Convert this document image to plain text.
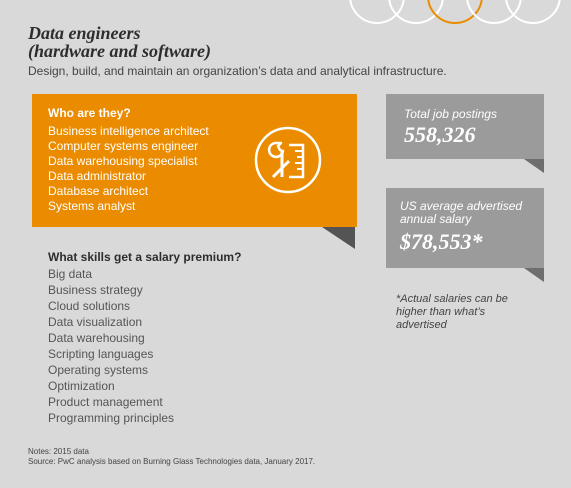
Data engineers
(hardware and software)
Design, build, and maintain an organization’s data and analytical infrastructure.
Who are they?
Business intelligence architect
Computer systems engineer
Data warehousing specialist
Data administrator
Database architect
Systems analyst
What skills get a salary premium?
Big data
Business strategy
Cloud solutions
Data visualization
Data warehousing
Scripting languages
Operating systems
Optimization
Product management
Programming principles
Total job postings
558,326
US average advertised
annual salary
$78,553*
*Actual salaries can be
higher than what’s
advertised
Notes: 2015 data
Source: PwC analysis based on Burning Glass Technologies data, January 2017.
